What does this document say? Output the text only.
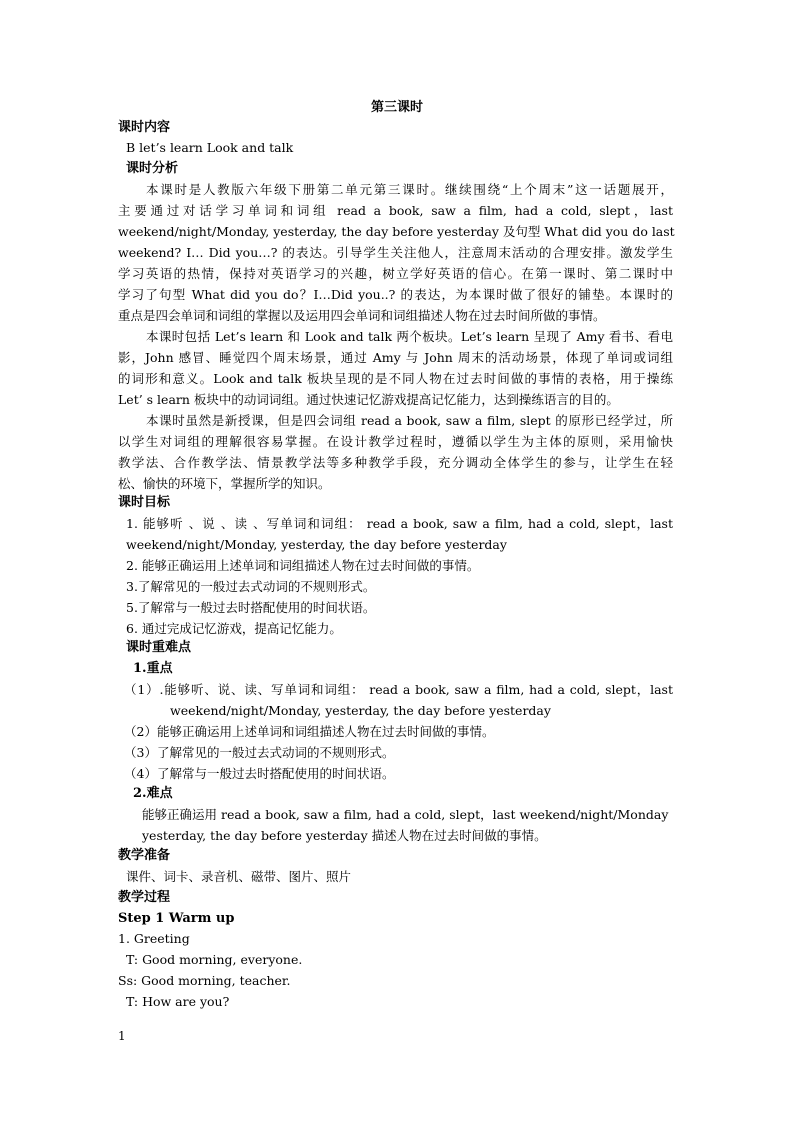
第三课时
课时内容
B let’s learn Look and talk
课时分析
本课时是人教版六年级下册第二单元第三课时。继续围绕“上个周末”这一话题展开，
主要通过对话学习单词和词组 read a book, saw a film, had a cold, slept，last
weekend/night/Monday, yesterday, the day before yesterday 及句型 What did you do last
weekend? I… Did you…? 的表达。引导学生关注他人，注意周末活动的合理安排。激发学生
学习英语的热情，保持对英语学习的兴趣，树立学好英语的信心。在第一课时、第二课时中
学习了句型 What did you do？I…Did you..? 的表达，为本课时做了很好的铺垫。本课时的
重点是四会单词和词组的掌握以及运用四会单词和词组描述人物在过去时间所做的事情。
本课时包括 Let’s learn 和 Look and talk 两个板块。Let’s learn 呈现了 Amy 看书、看电
影，John 感冒、睡觉四个周末场景，通过 Amy 与 John 周末的活动场景，体现了单词或词组
的词形和意义。Look and talk 板块呈现的是不同人物在过去时间做的事情的表格，用于操练
Let’ s learn 板块中的动词词组。通过快速记忆游戏提高记忆能力，达到操练语言的目的。
本课时虽然是新授课，但是四会词组 read a book, saw a film, slept 的原形已经学过，所
以学生对词组的理解很容易掌握。在设计教学过程时，遵循以学生为主体的原则，采用愉快
教学法、合作教学法、情景教学法等多种教学手段，充分调动全体学生的参与，让学生在轻
松、愉快的环境下，掌握所学的知识。
课时目标
1. 能够听 、说 、读 、写单词和词组： read a book, saw a film, had a cold, slept，last
weekend/night/Monday, yesterday, the day before yesterday
2. 能够正确运用上述单词和词组描述人物在过去时间做的事情。
3.了解常见的一般过去式动词的不规则形式。
5.了解常与一般过去时搭配使用的时间状语。
6. 通过完成记忆游戏，提高记忆能力。
课时重难点
1.重点
（1）.能够听、说、读、写单词和词组： read a book, saw a film, had a cold, slept，last
weekend/night/Monday, yesterday, the day before yesterday
（2）能够正确运用上述单词和词组描述人物在过去时间做的事情。
（3）了解常见的一般过去式动词的不规则形式。
（4）了解常与一般过去时搭配使用的时间状语。
2.难点
能够正确运用 read a book, saw a film, had a cold, slept，last weekend/night/Monday
yesterday, the day before yesterday 描述人物在过去时间做的事情。
教学准备
课件、词卡、录音机、磁带、图片、照片
教学过程
Step 1 Warm up
1. Greeting
T: Good morning, everyone.
Ss: Good morning, teacher.
T: How are you?
1
